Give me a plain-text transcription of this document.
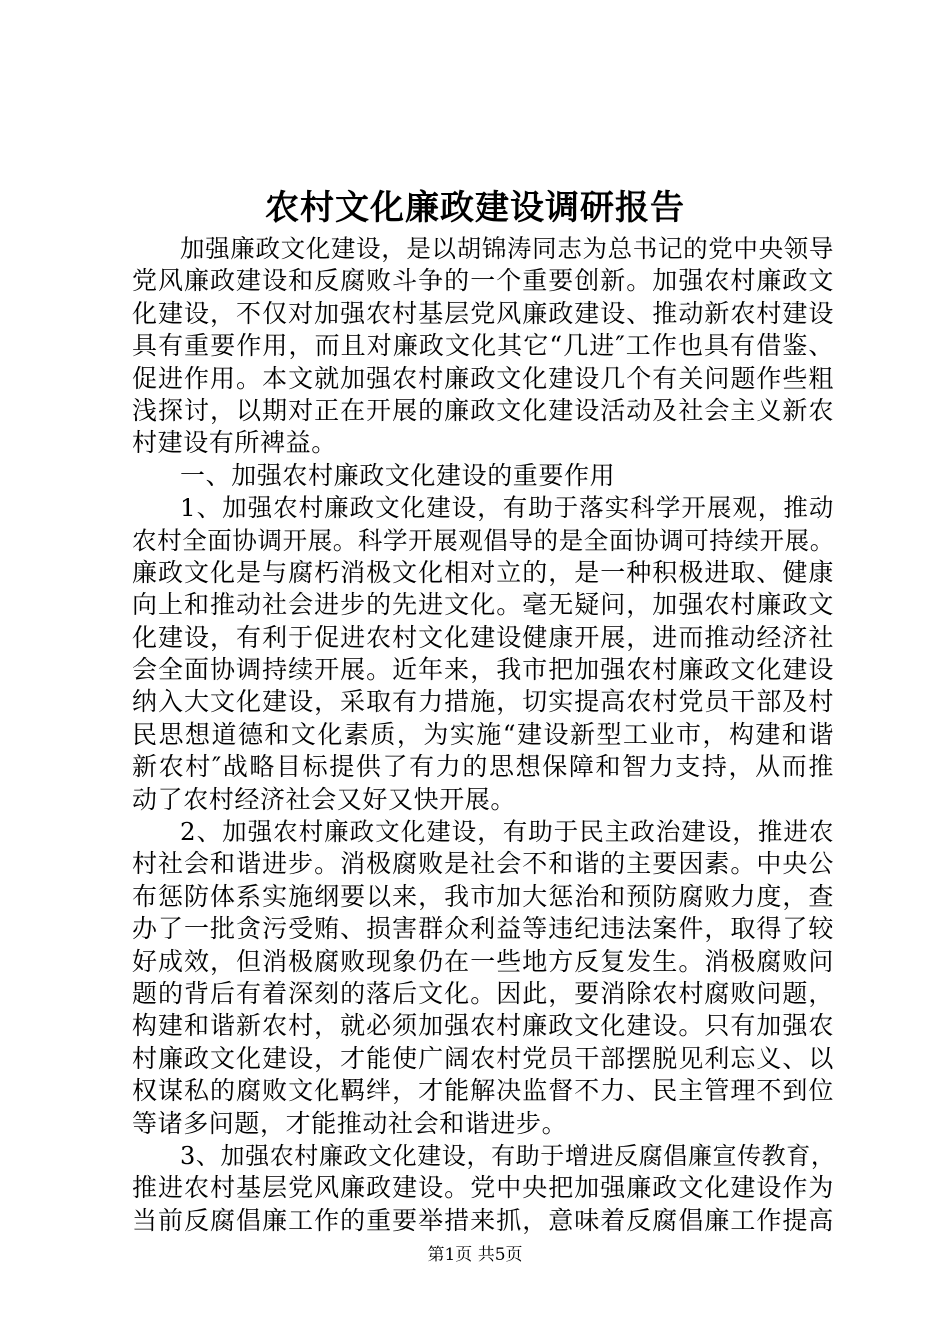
农村文化廉政建设调研报告
加强廉政文化建设，是以胡锦涛同志为总书记的党中央领导
党风廉政建设和反腐败斗争的一个重要创新。加强农村廉政文
化建设，不仅对加强农村基层党风廉政建设、推动新农村建设
具有重要作用，而且对廉政文化其它“几进″工作也具有借鉴、
促进作用。本文就加强农村廉政文化建设几个有关问题作些粗
浅探讨，以期对正在开展的廉政文化建设活动及社会主义新农
村建设有所裨益。
一、加强农村廉政文化建设的重要作用
1、加强农村廉政文化建设，有助于落实科学开展观，推动
农村全面协调开展。科学开展观倡导的是全面协调可持续开展。
廉政文化是与腐朽消极文化相对立的，是一种积极进取、健康
向上和推动社会进步的先进文化。毫无疑问，加强农村廉政文
化建设，有利于促进农村文化建设健康开展，进而推动经济社
会全面协调持续开展。近年来，我市把加强农村廉政文化建设
纳入大文化建设，采取有力措施，切实提高农村党员干部及村
民思想道德和文化素质，为实施“建设新型工业市，构建和谐
新农村″战略目标提供了有力的思想保障和智力支持，从而推
动了农村经济社会又好又快开展。
2、加强农村廉政文化建设，有助于民主政治建设，推进农
村社会和谐进步。消极腐败是社会不和谐的主要因素。中央公
布惩防体系实施纲要以来，我市加大惩治和预防腐败力度，查
办了一批贪污受贿、损害群众利益等违纪违法案件，取得了较
好成效，但消极腐败现象仍在一些地方反复发生。消极腐败问
题的背后有着深刻的落后文化。因此，要消除农村腐败问题，
构建和谐新农村，就必须加强农村廉政文化建设。只有加强农
村廉政文化建设，才能使广阔农村党员干部摆脱见利忘义、以
权谋私的腐败文化羁绊，才能解决监督不力、民主管理不到位
等诸多问题，才能推动社会和谐进步。
3、加强农村廉政文化建设，有助于增进反腐倡廉宣传教育，
推进农村基层党风廉政建设。党中央把加强廉政文化建设作为
当前反腐倡廉工作的重要举措来抓，意味着反腐倡廉工作提高
第1页 共5页
